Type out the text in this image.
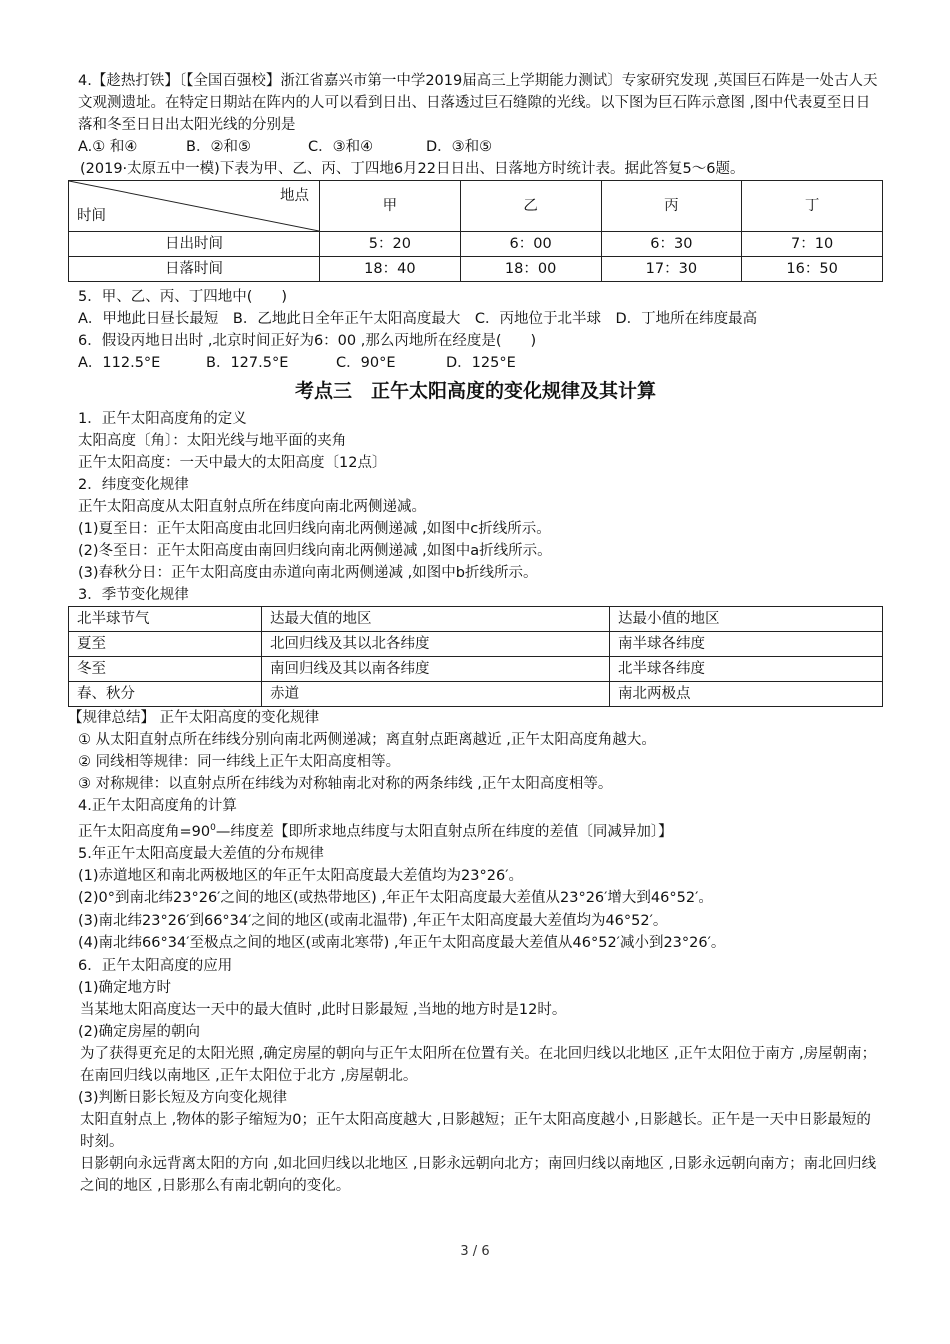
4.【趁热打铁】〔【全国百强校】浙江省嘉兴市第一中学2019届高三上学期能力测试〕专家研究发现 ,英国巨石阵是一处古人天文观测遗址。在特定日期站在阵内的人可以看到日出、日落透过巨石缝隙的光线。以下图为巨石阵示意图 ,图中代表夏至日日落和冬至日日出太阳光线的分别是

A.① 和④	B．②和⑤	C．③和④	D．③和⑤

(2019·太原五中一模)下表为甲、乙、丙、丁四地6月22日日出、日落地方时统计表。据此答复5～6题。

地点
时间	甲	乙	丙	丁
日出时间	5：20	6：00	6：30	7：10
日落时间	18：40	18：00	17：30	16：50

5．甲、乙、丙、丁四地中(　　)

A．甲地此日昼长最短　B．乙地此日全年正午太阳高度最大　C．丙地位于北半球　D．丁地所在纬度最高

6．假设丙地日出时 ,北京时间正好为6：00 ,那么丙地所在经度是(　　)

A．112.5°E	B．127.5°E	C．90°E	D．125°E

考点三　正午太阳高度的变化规律及其计算

1．正午太阳高度角的定义

太阳高度〔角〕：太阳光线与地平面的夹角

正午太阳高度：一天中最大的太阳高度〔12点〕

2．纬度变化规律

正午太阳高度从太阳直射点所在纬度向南北两侧递减。

(1)夏至日：正午太阳高度由北回归线向南北两侧递减 ,如图中c折线所示。

(2)冬至日：正午太阳高度由南回归线向南北两侧递减 ,如图中a折线所示。

(3)春秋分日：正午太阳高度由赤道向南北两侧递减 ,如图中b折线所示。

3．季节变化规律

北半球节气	达最大值的地区	达最小值的地区
夏至	北回归线及其以北各纬度	南半球各纬度
冬至	南回归线及其以南各纬度	北半球各纬度
春、秋分	赤道	南北两极点

【规律总结】 正午太阳高度的变化规律

① 从太阳直射点所在纬线分别向南北两侧递减；离直射点距离越近 ,正午太阳高度角越大。

② 同线相等规律：同一纬线上正午太阳高度相等。

③ 对称规律：以直射点所在纬线为对称轴南北对称的两条纬线 ,正午太阳高度相等。

4.正午太阳高度角的计算

正午太阳高度角$=90^0—$纬度差【即所求地点纬度与太阳直射点所在纬度的差值〔同减异加〕】

5.年正午太阳高度最大差值的分布规律

(1)赤道地区和南北两极地区的年正午太阳高度最大差值均为23°26′。

(2)0°到南北纬23°26′之间的地区(或热带地区) ,年正午太阳高度最大差值从23°26′增大到46°52′。

(3)南北纬23°26′到66°34′之间的地区(或南北温带) ,年正午太阳高度最大差值均为46°52′。

(4)南北纬66°34′至极点之间的地区(或南北寒带) ,年正午太阳高度最大差值从46°52′减小到23°26′。

6．正午太阳高度的应用

(1)确定地方时

当某地太阳高度达一天中的最大值时 ,此时日影最短 ,当地的地方时是12时。

(2)确定房屋的朝向

为了获得更充足的太阳光照 ,确定房屋的朝向与正午太阳所在位置有关。在北回归线以北地区 ,正午太阳位于南方 ,房屋朝南；在南回归线以南地区 ,正午太阳位于北方 ,房屋朝北。

(3)判断日影长短及方向变化规律

太阳直射点上 ,物体的影子缩短为0；正午太阳高度越大 ,日影越短；正午太阳高度越小 ,日影越长。正午是一天中日影最短的时刻。

日影朝向永远背离太阳的方向 ,如北回归线以北地区 ,日影永远朝向北方；南回归线以南地区 ,日影永远朝向南方；南北回归线之间的地区 ,日影那么有南北朝向的变化。

3 / 6
